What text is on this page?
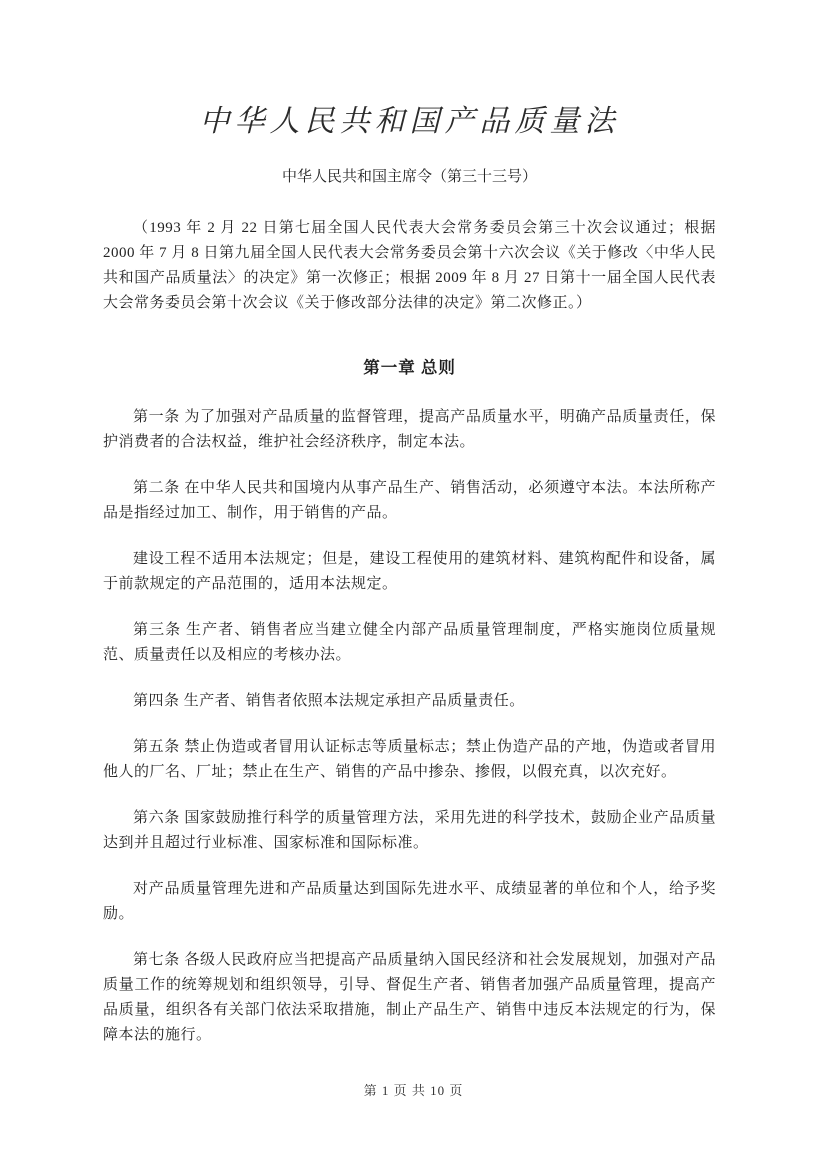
中华人民共和国产品质量法
中华人民共和国主席令（第三十三号）

（1993 年 2 月 22 日第七届全国人民代表大会常务委员会第三十次会议通过；根据 2000 年 7 月 8 日第九届全国人民代表大会常务委员会第十六次会议《关于修改〈中华人民共和国产品质量法〉的决定》第一次修正；根据 2009 年 8 月 27 日第十一届全国人民代表大会常务委员会第十次会议《关于修改部分法律的决定》第二次修正。）

第一章 总则

第一条 为了加强对产品质量的监督管理，提高产品质量水平，明确产品质量责任，保护消费者的合法权益，维护社会经济秩序，制定本法。

第二条 在中华人民共和国境内从事产品生产、销售活动，必须遵守本法。本法所称产品是指经过加工、制作，用于销售的产品。

建设工程不适用本法规定；但是，建设工程使用的建筑材料、建筑构配件和设备，属于前款规定的产品范围的，适用本法规定。

第三条 生产者、销售者应当建立健全内部产品质量管理制度，严格实施岗位质量规范、质量责任以及相应的考核办法。

第四条 生产者、销售者依照本法规定承担产品质量责任。

第五条 禁止伪造或者冒用认证标志等质量标志；禁止伪造产品的产地，伪造或者冒用他人的厂名、厂址；禁止在生产、销售的产品中掺杂、掺假，以假充真，以次充好。

第六条 国家鼓励推行科学的质量管理方法，采用先进的科学技术，鼓励企业产品质量达到并且超过行业标准、国家标准和国际标准。

对产品质量管理先进和产品质量达到国际先进水平、成绩显著的单位和个人，给予奖励。

第七条 各级人民政府应当把提高产品质量纳入国民经济和社会发展规划，加强对产品质量工作的统筹规划和组织领导，引导、督促生产者、销售者加强产品质量管理，提高产品质量，组织各有关部门依法采取措施，制止产品生产、销售中违反本法规定的行为，保障本法的施行。

第 1 页 共 10 页
